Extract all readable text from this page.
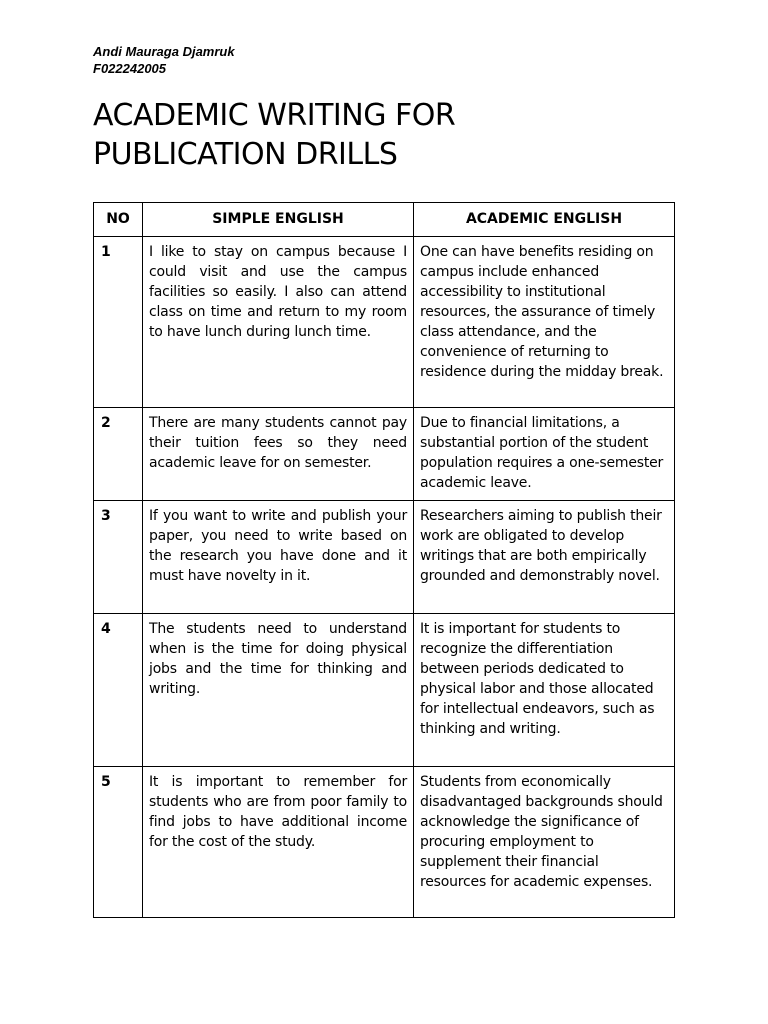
Andi Mauraga Djamruk
F022242005
ACADEMIC WRITING FOR
PUBLICATION DRILLS
NO	SIMPLE ENGLISH	ACADEMIC ENGLISH
1	I like to stay on campus because I could visit and use the campus facilities so easily. I also can attend class on time and return to my room to have lunch during lunch time.	One can have benefits residing on campus include enhanced accessibility to institutional resources, the assurance of timely class attendance, and the convenience of returning to residence during the midday break.
2	There are many students cannot pay their tuition fees so they need academic leave for on semester.	Due to financial limitations, a substantial portion of the student population requires a one-semester academic leave.
3	If you want to write and publish your paper, you need to write based on the research you have done and it must have novelty in it.	Researchers aiming to publish their work are obligated to develop writings that are both empirically grounded and demonstrably novel.
4	The students need to understand when is the time for doing physical jobs and the time for thinking and writing.	It is important for students to recognize the differentiation between periods dedicated to physical labor and those allocated for intellectual endeavors, such as thinking and writing.
5	It is important to remember for students who are from poor family to find jobs to have additional income for the cost of the study.	Students from economically disadvantaged backgrounds should acknowledge the significance of procuring employment to supplement their financial resources for academic expenses.
